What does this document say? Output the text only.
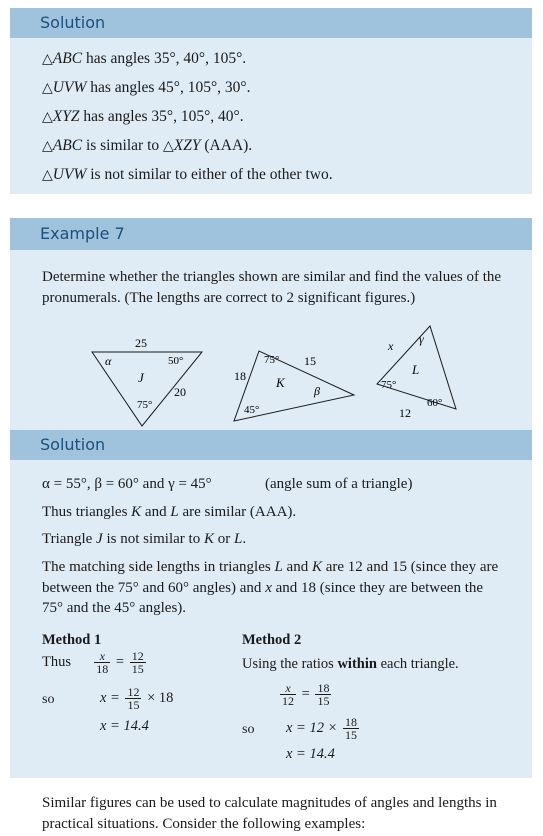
Solution
△ABC has angles 35°, 40°, 105°.
△UVW has angles 45°, 105°, 30°.
△XYZ has angles 35°, 105°, 40°.
△ABC is similar to △XZY (AAA).
△UVW is not similar to either of the other two.
Example 7
Determine whether the triangles shown are similar and find the values of the pronumerals. (The lengths are correct to 2 significant figures.)
25
20
α	50°
75°
J	18
15
75°
45°
β
K
x
12
γ
75°
60°
L
Solution
α = 55°, β = 60° and γ = 45°	(angle sum of a triangle)
Thus triangles K and L are similar (AAA).
Triangle J is not similar to K or L.
The matching side lengths in triangles L and K are 12 and 15 (since they are between the 75° and 60° angles) and x and 18 (since they are between the 75° and the 45° angles).
Method 1
Thus $\frac{x}{18} = \frac{12}{15}$
so	$x = \frac{12}{15} \times 18$
x = 14.4
Method 2
Using the ratios within each triangle.
$\frac{x}{12} = \frac{18}{15}$
so $x = 12 \times \frac{18}{15}$
x = 14.4
Similar figures can be used to calculate magnitudes of angles and lengths in practical situations. Consider the following examples:
